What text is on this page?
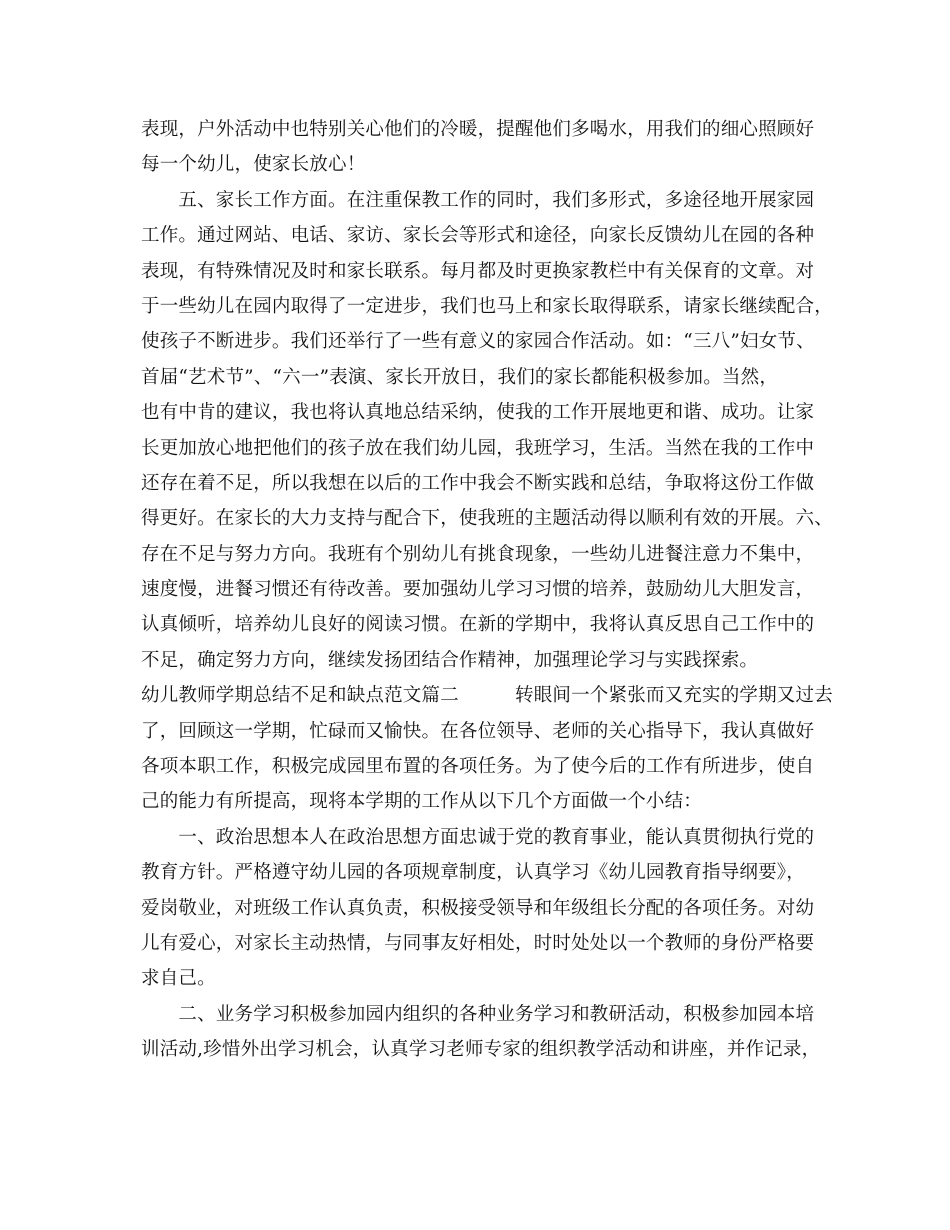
表现，户外活动中也特别关心他们的冷暖，提醒他们多喝水，用我们的细心照顾好
每一个幼儿，使家长放心！
　　五、家长工作方面。在注重保教工作的同时，我们多形式，多途径地开展家园
工作。通过网站、电话、家访、家长会等形式和途径，向家长反馈幼儿在园的各种
表现，有特殊情况及时和家长联系。每月都及时更换家教栏中有关保育的文章。对
于一些幼儿在园内取得了一定进步，我们也马上和家长取得联系，请家长继续配合，
使孩子不断进步。我们还举行了一些有意义的家园合作活动。如：“三八”妇女节、
首届“艺术节”、“六一”表演、家长开放日，我们的家长都能积极参加。当然，
也有中肯的建议，我也将认真地总结采纳，使我的工作开展地更和谐、成功。让家
长更加放心地把他们的孩子放在我们幼儿园，我班学习，生活。当然在我的工作中
还存在着不足，所以我想在以后的工作中我会不断实践和总结，争取将这份工作做
得更好。在家长的大力支持与配合下，使我班的主题活动得以顺利有效的开展。六、
存在不足与努力方向。我班有个别幼儿有挑食现象，一些幼儿进餐注意力不集中，
速度慢，进餐习惯还有待改善。要加强幼儿学习习惯的培养，鼓励幼儿大胆发言，
认真倾听，培养幼儿良好的阅读习惯。在新的学期中，我将认真反思自己工作中的
不足，确定努力方向，继续发扬团结合作精神，加强理论学习与实践探索。
幼儿教师学期总结不足和缺点范文篇二　　　转眼间一个紧张而又充实的学期又过去
了，回顾这一学期，忙碌而又愉快。在各位领导、老师的关心指导下，我认真做好
各项本职工作，积极完成园里布置的各项任务。为了使今后的工作有所进步，使自
己的能力有所提高，现将本学期的工作从以下几个方面做一个小结：
　　一、政治思想本人在政治思想方面忠诚于党的教育事业，能认真贯彻执行党的
教育方针。严格遵守幼儿园的各项规章制度，认真学习《幼儿园教育指导纲要》，
爱岗敬业，对班级工作认真负责，积极接受领导和年级组长分配的各项任务。对幼
儿有爱心，对家长主动热情，与同事友好相处，时时处处以一个教师的身份严格要
求自己。
　　二、业务学习积极参加园内组织的各种业务学习和教研活动，积极参加园本培
训活动,珍惜外出学习机会，认真学习老师专家的组织教学活动和讲座，并作记录，
